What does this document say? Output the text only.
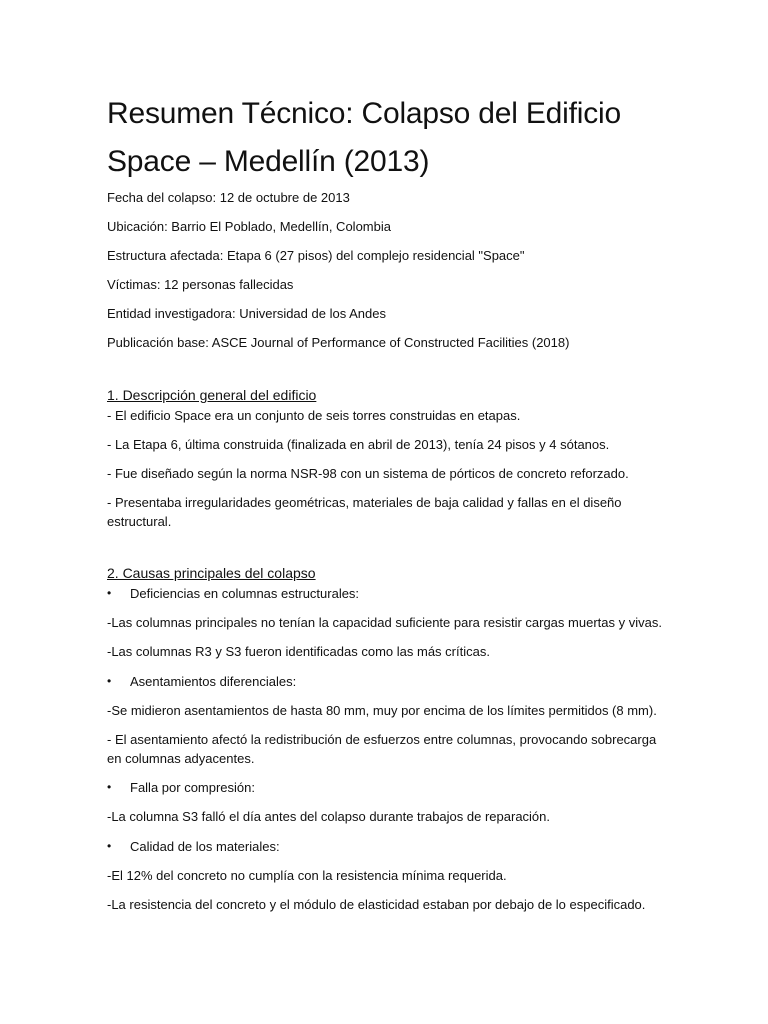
Resumen Técnico: Colapso del Edificio Space – Medellín (2013)

Fecha del colapso: 12 de octubre de 2013

Ubicación: Barrio El Poblado, Medellín, Colombia

Estructura afectada: Etapa 6 (27 pisos) del complejo residencial "Space"

Víctimas: 12 personas fallecidas

Entidad investigadora: Universidad de los Andes

Publicación base: ASCE Journal of Performance of Constructed Facilities (2018)

1. Descripción general del edificio

- El edificio Space era un conjunto de seis torres construidas en etapas.

- La Etapa 6, última construida (finalizada en abril de 2013), tenía 24 pisos y 4 sótanos.

- Fue diseñado según la norma NSR-98 con un sistema de pórticos de concreto reforzado.

- Presentaba irregularidades geométricas, materiales de baja calidad y fallas en el diseño estructural.

2. Causas principales del colapso
•	Deficiencias en columnas estructurales:

-Las columnas principales no tenían la capacidad suficiente para resistir cargas muertas y vivas.

-Las columnas R3 y S3 fueron identificadas como las más críticas.

•	Asentamientos diferenciales:

-Se midieron asentamientos de hasta 80 mm, muy por encima de los límites permitidos (8 mm).

- El asentamiento afectó la redistribución de esfuerzos entre columnas, provocando sobrecarga en columnas adyacentes.

•	Falla por compresión:

-La columna S3 falló el día antes del colapso durante trabajos de reparación.

•	Calidad de los materiales:

-El 12% del concreto no cumplía con la resistencia mínima requerida.

-La resistencia del concreto y el módulo de elasticidad estaban por debajo de lo especificado.
